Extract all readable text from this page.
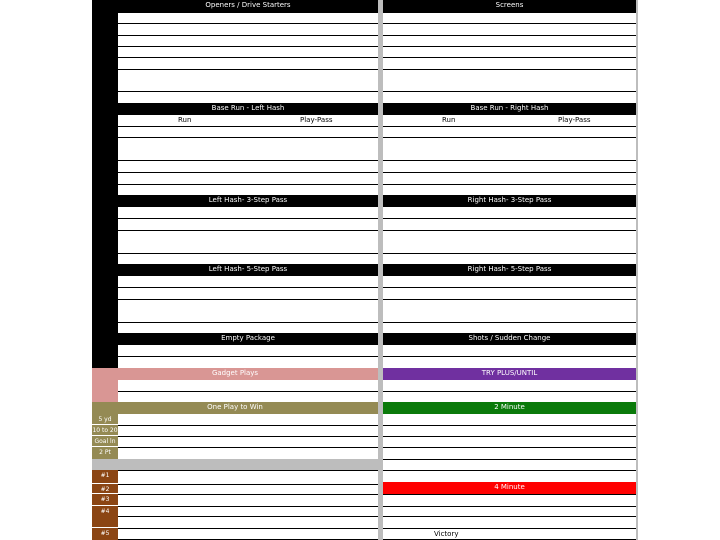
Openers / Drive Starters
Base Run - Left Hash
Run	Play-Pass
Left Hash- 3-Step Pass
Left Hash- 5-Step Pass
Empty Package
Gadget Plays
One Play to Win
5 yd
10 to 20
Goal ln
2 Pt
#1
#2
#3
#4
#5
Screens
Base Run - Right Hash
Run	Play-Pass
Right Hash- 3-Step Pass
Right Hash- 5-Step Pass
Shots / Sudden Change
TRY PLUS/UNTIL
2 Minute
4 Minute
Victory
